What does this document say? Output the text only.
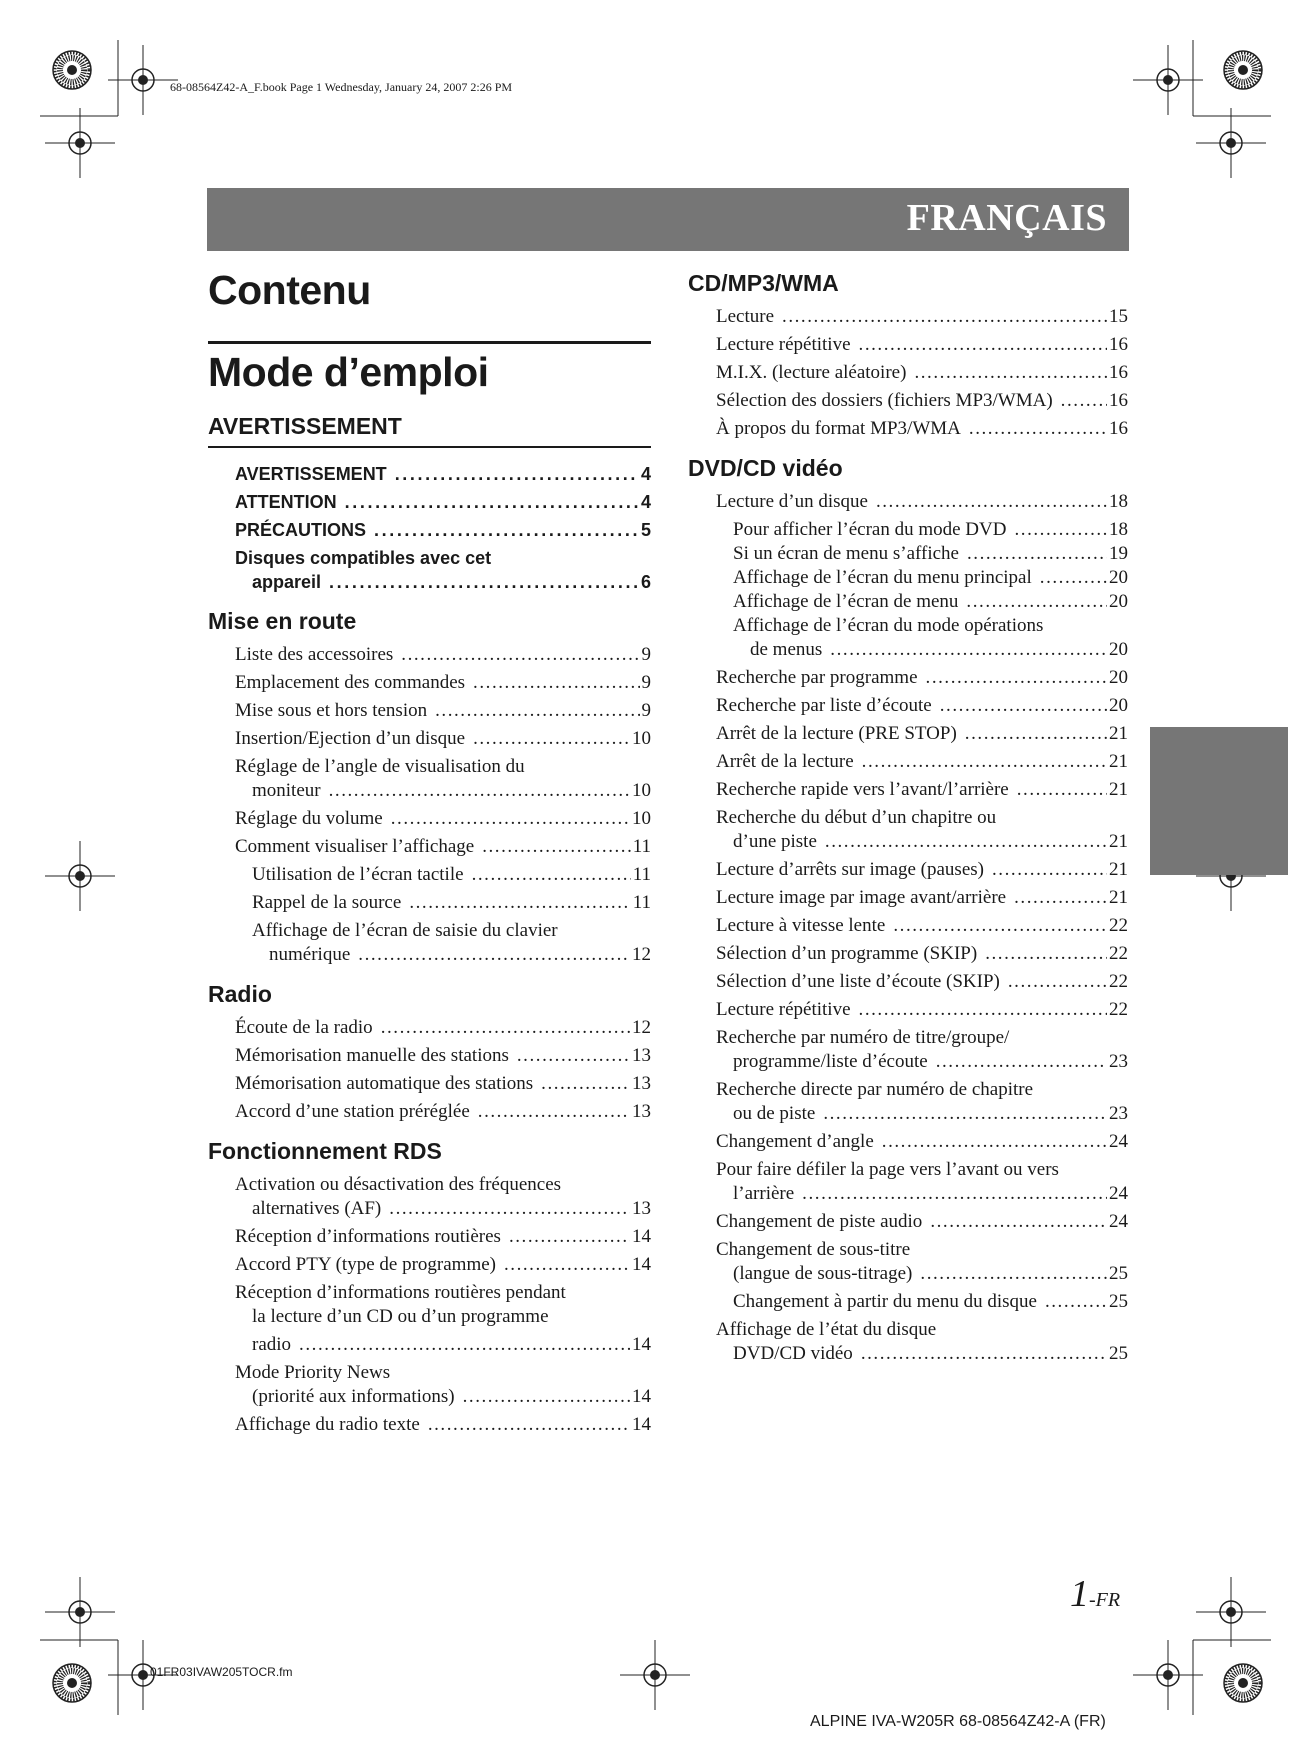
68-08564Z42-A_F.book Page 1 Wednesday, January 24, 2007 2:26 PM
FRANÇAIS
Contenu
Mode d’emploi
AVERTISSEMENT
AVERTISSEMENT . . .	4
ATTENTION . . .	4
PRÉCAUTIONS . . .	5
Disques compatibles avec cet
appareil . . .	6
Mise en route
Liste des accessoires . . .	9
Emplacement des commandes . . .	9
Mise sous et hors tension . . .	9
Insertion/Ejection d’un disque . . .	10
Réglage de l’angle de visualisation du
moniteur . . .	10
Réglage du volume . . .	10
Comment visualiser l’affichage . . .	11
Utilisation de l’écran tactile . . .	11
Rappel de la source . . .	11
Affichage de l’écran de saisie du clavier
numérique . . .	12
Radio
Écoute de la radio . . .	12
Mémorisation manuelle des stations . . .	13
Mémorisation automatique des stations . . .	13
Accord d’une station préréglée . . .	13
Fonctionnement RDS
Activation ou désactivation des fréquences
alternatives (AF) . . .	13
Réception d’informations routières . . .	14
Accord PTY (type de programme) . . .	14
Réception d’informations routières pendant
la lecture d’un CD ou d’un programme
radio . . .	14
Mode Priority News
(priorité aux informations) . . .	14
Affichage du radio texte . . .	14
CD/MP3/WMA
Lecture . . .	15
Lecture répétitive . . .	16
M.I.X. (lecture aléatoire) . . .	16
Sélection des dossiers (fichiers MP3/WMA) . . .	16
À propos du format MP3/WMA . . .	16
DVD/CD vidéo
Lecture d’un disque . . .	18
Pour afficher l’écran du mode DVD . . .	18
Si un écran de menu s’affiche . . .	19
Affichage de l’écran du menu principal . . .	20
Affichage de l’écran de menu . . .	20
Affichage de l’écran du mode opérations
de menus . . .	20
Recherche par programme . . .	20
Recherche par liste d’écoute . . .	20
Arrêt de la lecture (PRE STOP) . . .	21
Arrêt de la lecture . . .	21
Recherche rapide vers l’avant/l’arrière . . .	21
Recherche du début d’un chapitre ou
d’une piste . . .	21
Lecture d’arrêts sur image (pauses) . . .	21
Lecture image par image avant/arrière . . .	21
Lecture à vitesse lente . . .	22
Sélection d’un programme (SKIP) . . .	22
Sélection d’une liste d’écoute (SKIP) . . .	22
Lecture répétitive . . .	22
Recherche par numéro de titre/groupe/
programme/liste d’écoute . . .	23
Recherche directe par numéro de chapitre
ou de piste . . .	23
Changement d’angle . . .	24
Pour faire défiler la page vers l’avant ou vers
l’arrière . . .	24
Changement de piste audio . . .	24
Changement de sous-titre
(langue de sous-titrage) . . .	25
Changement à partir du menu du disque . . .	25
Affichage de l’état du disque
DVD/CD vidéo . . .	25
1-FR
01FR03IVAW205TOCR.fm
ALPINE IVA-W205R 68-08564Z42-A (FR)
